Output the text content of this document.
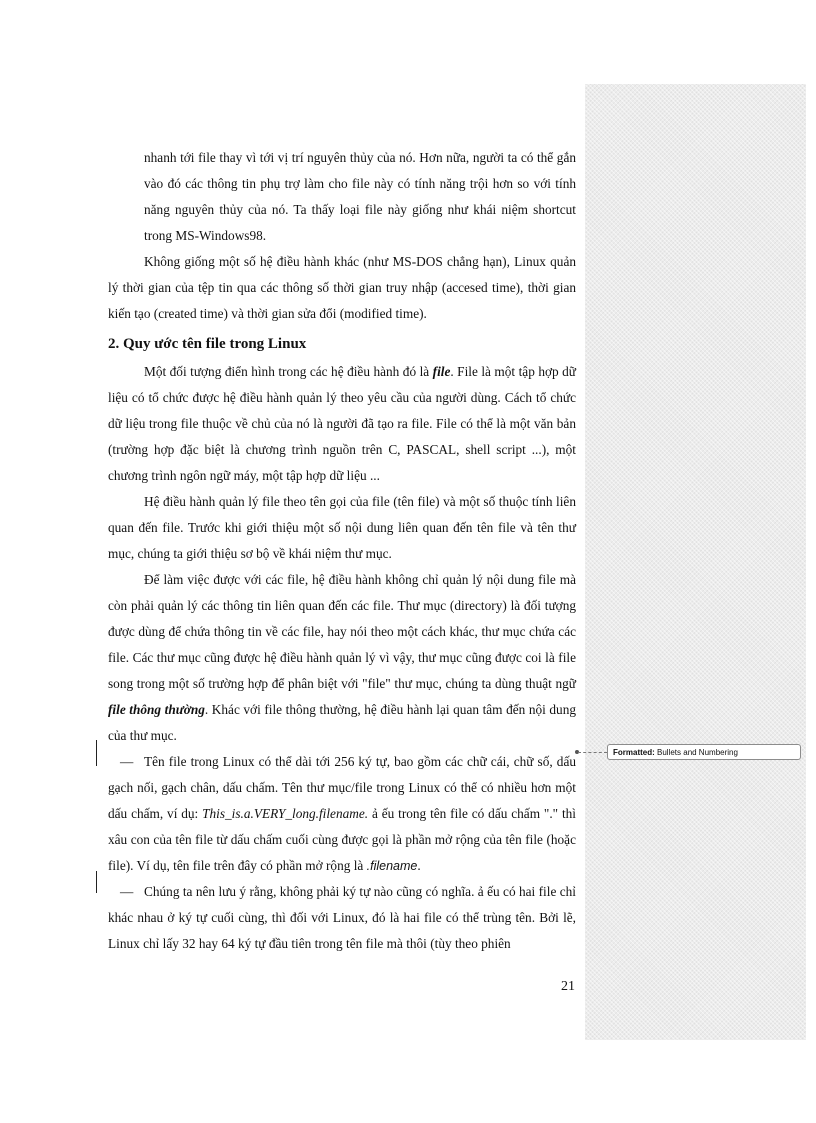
nhanh tới file thay vì tới vị trí nguyên thủy của nó. Hơn nữa, người ta có thể gắn vào đó các thông tin phụ trợ làm cho file này có tính năng trội hơn so với tính năng nguyên thủy của nó. Ta thấy loại file này giống như khái niệm shortcut trong MS-Windows98.

Không giống một số hệ điều hành khác (như MS-DOS chẳng hạn), Linux quản lý thời gian của tệp tin qua các thông số thời gian truy nhập (accesed time), thời gian kiến tạo (created time) và thời gian sửa đổi (modified time).

2. Quy ước tên file trong Linux

Một đối tượng điển hình trong các hệ điều hành đó là file. File là một tập hợp dữ liệu có tổ chức được hệ điều hành quản lý theo yêu cầu của người dùng. Cách tổ chức dữ liệu trong file thuộc về chủ của nó là người đã tạo ra file. File có thể là một văn bản (trường hợp đặc biệt là chương trình nguồn trên C, PASCAL, shell script ...), một chương trình ngôn ngữ máy, một tập hợp dữ liệu ...

Hệ điều hành quản lý file theo tên gọi của file (tên file) và một số thuộc tính liên quan đến file. Trước khi giới thiệu một số nội dung liên quan đến tên file và tên thư mục, chúng ta giới thiệu sơ bộ về khái niệm thư mục.

Để làm việc được với các file, hệ điều hành không chỉ quản lý nội dung file mà còn phải quản lý các thông tin liên quan đến các file. Thư mục (directory) là đối tượng được dùng để chứa thông tin về các file, hay nói theo một cách khác, thư mục chứa các file. Các thư mục cũng được hệ điều hành quản lý vì vậy, thư mục cũng được coi là file song trong một số trường hợp để phân biệt với "file" thư mục, chúng ta dùng thuật ngữ file thông thường. Khác với file thông thường, hệ điều hành lại quan tâm đến nội dung của thư mục.

— Tên file trong Linux có thể dài tới 256 ký tự, bao gồm các chữ cái, chữ số, dấu gạch nối, gạch chân, dấu chấm. Tên thư mục/file trong Linux có thể có nhiều hơn một dấu chấm, ví dụ: This_is.a.VERY_long.filename. ả ếu trong tên file có dấu chấm "." thì xâu con của tên file từ dấu chấm cuối cùng được gọi là phần mở rộng của tên file (hoặc file). Ví dụ, tên file trên đây có phần mở rộng là .filename.

— Chúng ta nên lưu ý rằng, không phải ký tự nào cũng có nghĩa. ả ếu có hai file chỉ khác nhau ở ký tự cuối cùng, thì đối với Linux, đó là hai file có thể trùng tên. Bởi lẽ, Linux chỉ lấy 32 hay 64 ký tự đầu tiên trong tên file mà thôi (tùy theo phiên

Formatted: Bullets and Numbering
21
